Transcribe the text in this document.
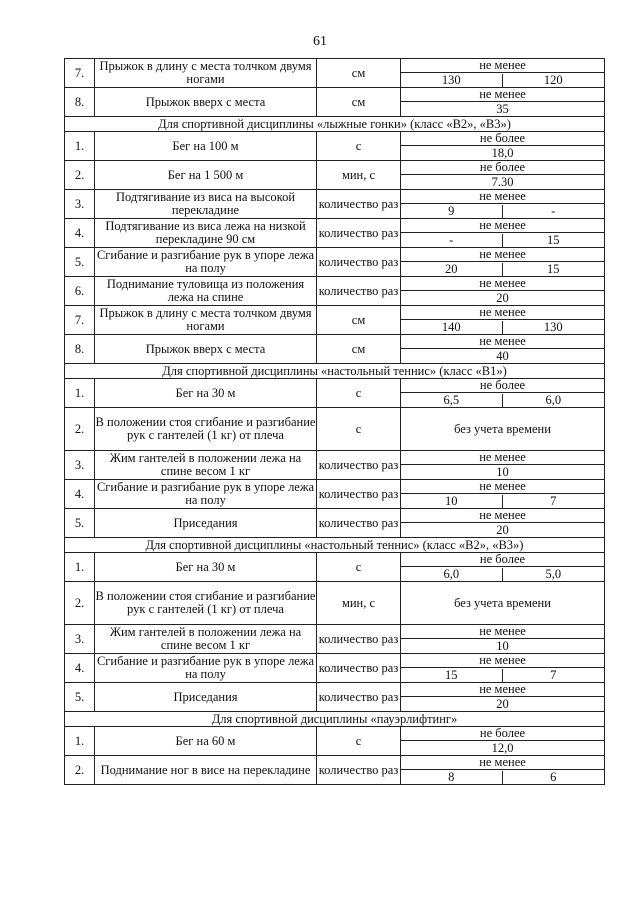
61
7.	Прыжок в длину с места толчком двумя ногами	см	не менее
130 120

8.	Прыжок вверх с места	см	не менее
35

Для спортивной дисциплины «лыжные гонки» (класс «В2», «В3»)			
1.	Бег на 100 м	с	не более
18,0

2.	Бег на 1 500 м	мин, с	не более
7.30

3.	Подтягивание из виса на высокой перекладине	количество раз	не менее
9 -

4.	Подтягивание из виса лежа на низкой перекладине 90 см	количество раз	не менее
- 15

5.	Сгибание и разгибание рук в упоре лежа на полу	количество раз	не менее
20 15

6.	Поднимание туловища из положения лежа на спине	количество раз	не менее
20

7.	Прыжок в длину с места толчком двумя ногами	см	не менее
140 130

8.	Прыжок вверх с места	см	не менее
40

Для спортивной дисциплины «настольный теннис» (класс «В1»)			
1.	Бег на 30 м	с	не более
6,5 6,0

2.	В положении стоя сгибание и разгибание рук с гантелей (1 кг) от плеча	с	без учета времени

3.	Жим гантелей в положении лежа на спине весом 1 кг	количество раз	не менее
10

4.	Сгибание и разгибание рук в упоре лежа на полу	количество раз	не менее
10 7

5.	Приседания	количество раз	не менее
20

Для спортивной дисциплины «настольный теннис» (класс «В2», «В3»)			
1.	Бег на 30 м	с	не более
6,0 5,0

2.	В положении стоя сгибание и разгибание рук с гантелей (1 кг) от плеча	мин, с	без учета времени

3.	Жим гантелей в положении лежа на спине весом 1 кг	количество раз	не менее
10

4.	Сгибание и разгибание рук в упоре лежа на полу	количество раз	не менее
15 7

5.	Приседания	количество раз	не менее
20

Для спортивной дисциплины «пауэрлифтинг»			
1.	Бег на 60 м	с	не более
12,0

2.	Поднимание ног в висе на перекладине	количество раз	не менее
8 6
